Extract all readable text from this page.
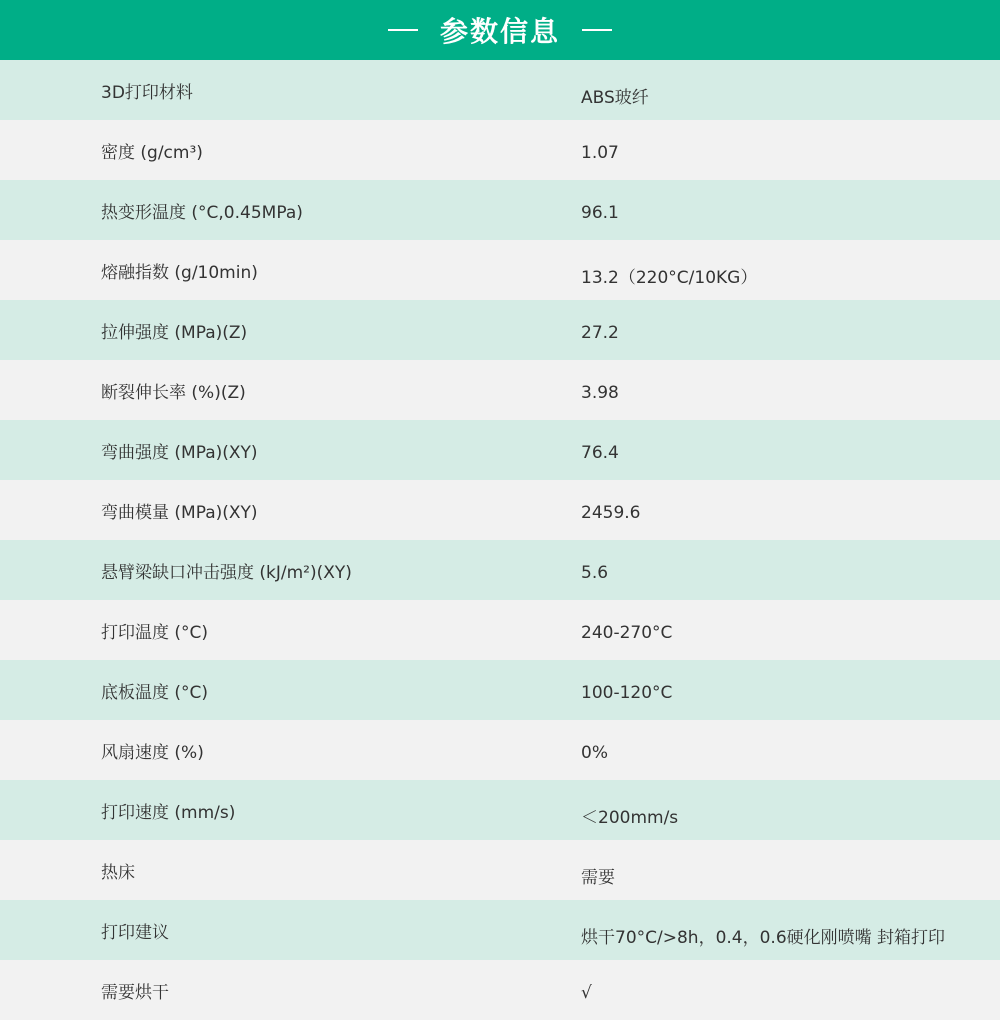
参数信息
3D打印材料	ABS玻纤
密度 (g/cm³)	1.07
热变形温度 (°C,0.45MPa)	96.1
熔融指数 (g/10min)	13.2（220°C/10KG）
拉伸强度 (MPa)(Z)	27.2
断裂伸长率 (%)(Z)	3.98
弯曲强度 (MPa)(XY)	76.4
弯曲模量 (MPa)(XY)	2459.6
悬臂梁缺口冲击强度 (kJ/m²)(XY)	5.6
打印温度 (°C)	240-270°C
底板温度 (°C)	100-120°C
风扇速度 (%)	0%
打印速度 (mm/s)	＜200mm/s
热床	需要
打印建议	烘干70°C/>8h，0.4，0.6硬化刚喷嘴 封箱打印
需要烘干	√
